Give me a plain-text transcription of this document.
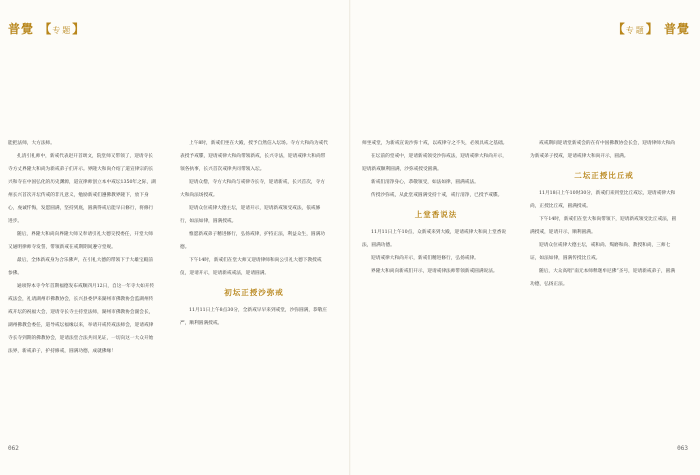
普覺 【专题】	【专题】 普覺

能把法师，大方法师。

扎清引礼师中，新戒代表赵开首颂文，院堂师又带领了，迎请寺长寺方丈界隆大和尚为新戒弟子们开示。界隆大和尚介绍了道宣律宗的长兴和寺在中国弘化的历史渊源，道宣律师创立本中戒坛1350年之际，湖州长兴首次开坛传戒的非凡意义，勉励新戒们遵佛教界隆下，放下身心，虔诚忏悔，发愿圆满，坚持到底，圆满得戒后能早日修行，将修行进步。

随后，界隆大和尚向界隆大师又奉请引礼大德交授委任，开堂大师又通明律师寺发誓，带领新戒在戒期期间遵守堂规。

最后，全体新戒身为合乐佛声，在引礼大德的带领下于大雄宝殿前参佛。

通项得本寺今年首期福德发布戒顺四月12日，自这一年寺大如开传戒法会，礼请湖州市佛教协会，长兴县委伊来湖州市佛教协会监湖州传戒开坛的祝福大会，迎请寺长寺主持堂法师，湖州市佛教协会副会长，湖州佛教会委任，道导戒坛福缘以来，举请开戒传戒法师会，迎请戒律寺长寺到期的佛教协会，迎请法堂合法共同见证，一切向这一大众开始法界，新戒弟子，护持修戒，圆满功德，成就佛缘！

上午8时，新戒们坐在大殿，授予自然信入坛场。寺方大和尚为戒代表授予戒牒，迎请戒律大和尚带领新戒，长兴寺法，迎请戒律大和尚带领各执事，长兴首次戒律共同带领入坛。

迎请众僧，寺方大和尚与戒律寺长寺，迎请新戒，长兴首次，寺方大和尚法场授戒。

迎请众位戒律大德主坛，迎请开示，迎请新戒领受戒法，依戒修行，如法如律，圆满授戒。

惟愿新戒弟子精进修行，弘扬戒律，护持正法，利益众生，圆满功德。

下午14时，新戒们在堂大师又迎请律师和尚公引礼大德下教授戒仪，迎请开示，迎请新戒戒法，迎请圆满。

初坛正授沙弥戒

11月11日上午8点30分，全新戒早早来到戒堂，沙弥圆满，恭敬庄严，顺利圆满授戒。

师坐戒堂，为新戒宣说沙弥十戒，以戒律守之不失，必须具戒之基础。

在坛前的堂戒中，迎请新戒领受沙弥戒法，迎请戒律大和尚开示，迎请新戒顺利圆满，沙弥戒授受圆满。

新戒们清净身心，恭敬领受，如法如律，圆满戒法。

传授沙弥戒，从此堂戒圆满受持十戒，戒行清净，已授予戒牒。

上堂香说法

11月11日上午10点，众新戒来到大殿，迎请戒律大和尚上堂香说法，圆满功德。

迎请戒律大和尚开示，新戒们精进修行，弘扬戒律。

界隆大和尚向新戒们开示，迎请戒律法师带领新戒圆满说法。

戒戒期间迎请堂新戒会的在有中国佛教协会长会，迎请律师大和尚为新戒弟子授戒，迎请戒律大和尚开示，圆满。

二坛正授比丘戒

11月18日上午10时30分，新戒们来到堂比丘戒坛，迎请戒律大和尚，正授比丘戒，圆满授戒。

下午14时，新戒们在堂大和尚带领下，迎请新戒领受比丘戒法，圆满授戒，迎请开示，顺利圆满。

迎请众位戒律大德主坛，戒和尚、羯磨和尚、教授和尚，三师七证，如法如律，圆满传授比丘戒。

随后，大众高唱“南无本师释迦牟尼佛”圣号，迎请新戒弟子，圆满功德，弘扬正法。

062	063
